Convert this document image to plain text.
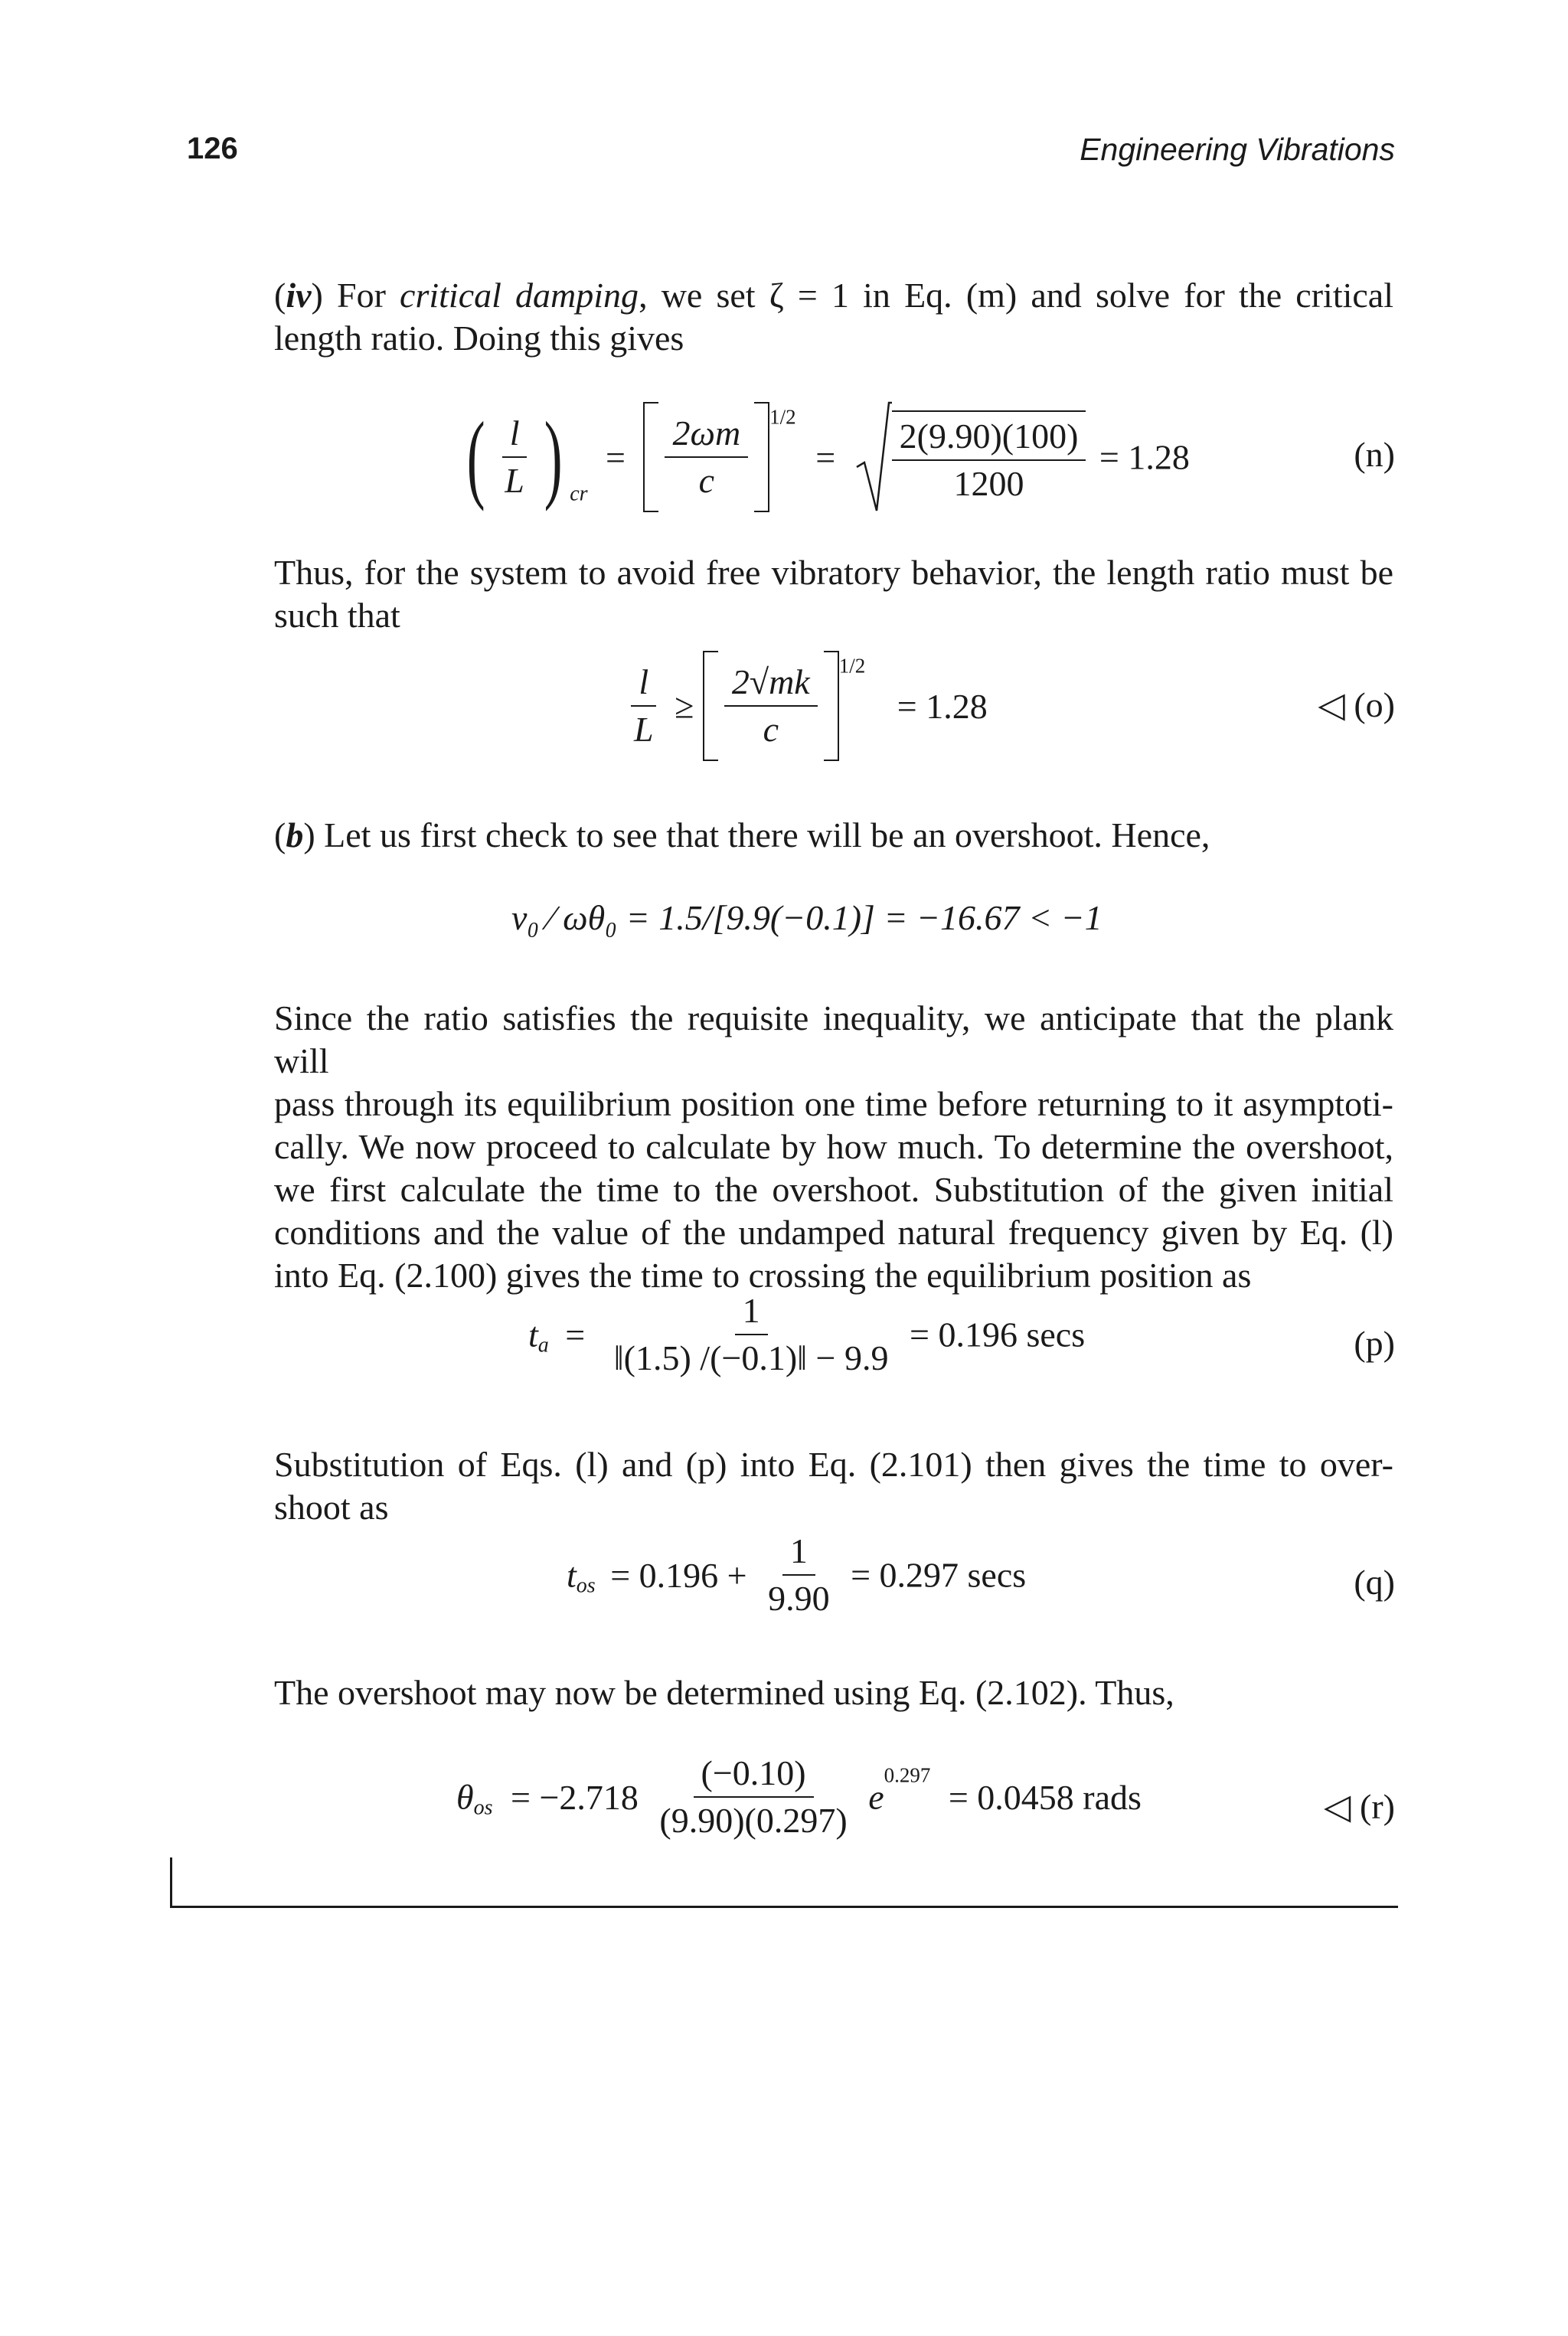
126	Engineering Vibrations
(iv) For critical damping, we set ζ = 1 in Eq. (m) and solve for the critical
length ratio. Doing this gives
( $\frac{l}{L}$ ) $_{cr} = \frac{2\omega m}{c} ^{1/2} = \frac{2(9.90)(100)}{1200} = 1.28$	(n)
Thus, for the system to avoid free vibratory behavior, the length ratio must be
such that
$\frac{l}{L} \ge \frac{2√mk}{c} ^{1/2} = 1.28$	◁ (o)
(b) Let us first check to see that there will be an overshoot. Hence,
v₀ ⁄ ωθ₀ = 1.5/[9.9(−0.1)] = −16.67 < −1
Since the ratio satisfies the requisite inequality, we anticipate that the plank will
pass through its equilibrium position one time before returning to it asymptoti-
cally. We now proceed to calculate by how much. To determine the overshoot,
we first calculate the time to the overshoot. Substitution of the given initial
conditions and the value of the undamped natural frequency given by Eq. (l)
into Eq. (2.100) gives the time to crossing the equilibrium position as
$t_a = \frac{1}{‖(1.5) /(-0.1)‖ - 9.9} = 0.196$ secs	(p)
Substitution of Eqs. (l) and (p) into Eq. (2.101) then gives the time to over-
shoot as
$t_{os} = 0.196 + \frac{1}{9.90} = 0.297$ secs	(q)
The overshoot may now be determined using Eq. (2.102). Thus,
$\theta_{os} = -2.718 \frac{(-0.10)}{(9.90)(0.297)} e^{0.297} = 0.0458$ rads	◁ (r)
